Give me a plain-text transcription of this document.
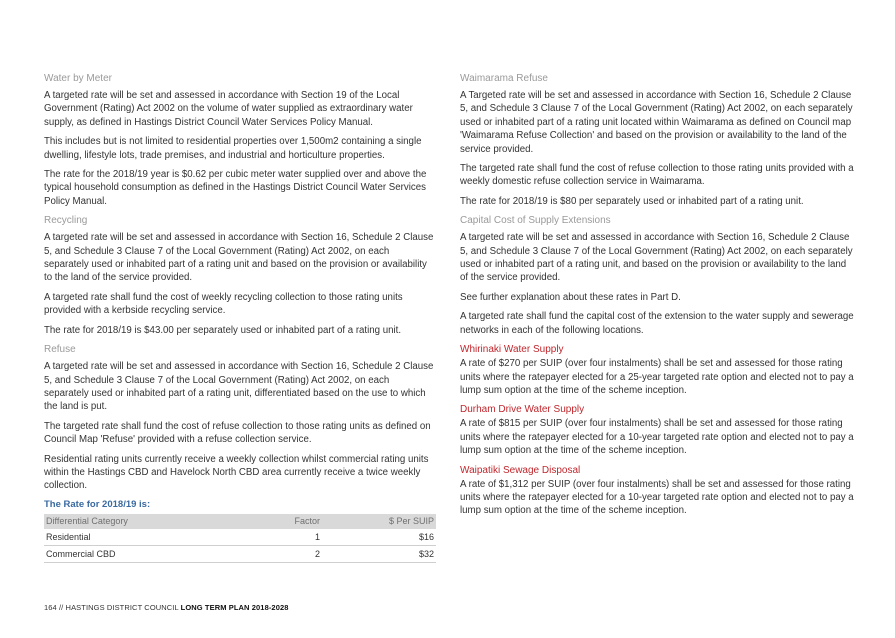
Water by Meter

A targeted rate will be set and assessed in accordance with Section 19 of the Local Government (Rating) Act 2002 on the volume of water supplied as extraordinary water supply, as defined in Hastings District Council Water Services Policy Manual.

This includes but is not limited to residential properties over 1,500m2 containing a single dwelling, lifestyle lots, trade premises, and industrial and horticulture properties.

The rate for the 2018/19 year is $0.62 per cubic meter water supplied over and above the typical household consumption as defined in the Hastings District Council Water Services Policy Manual.

Recycling

A targeted rate will be set and assessed in accordance with Section 16, Schedule 2 Clause 5, and Schedule 3 Clause 7 of the Local Government (Rating) Act 2002, on each separately used or inhabited part of a rating unit and based on the provision or availability to the land of the service provided.

A targeted rate shall fund the cost of weekly recycling collection to those rating units provided with a kerbside recycling service.

The rate for 2018/19 is $43.00 per separately used or inhabited part of a rating unit.

Refuse

A targeted rate will be set and assessed in accordance with Section 16, Schedule 2 Clause 5, and Schedule 3 Clause 7 of the Local Government (Rating) Act 2002, on each separately used or inhabited part of a rating unit, differentiated based on the use to which the land is put.

The targeted rate shall fund the cost of refuse collection to those rating units as defined on Council Map 'Refuse' provided with a refuse collection service.

Residential rating units currently receive a weekly collection whilst commercial rating units within the Hastings CBD and Havelock North CBD area currently receive a twice weekly collection.

The Rate for 2018/19 is:
Differential Category	Factor	$ Per SUIP
Residential	1	$16
Commercial CBD	2	$32
Waimarama Refuse

A Targeted rate will be set and assessed in accordance with Section 16, Schedule 2 Clause 5, and Schedule 3 Clause 7 of the Local Government (Rating) Act 2002, on each separately used or inhabited part of a rating unit located within Waimarama as defined on Council map 'Waimarama Refuse Collection' and based on the provision or availability to the land of the service provided.

The targeted rate shall fund the cost of refuse collection to those rating units provided with a weekly domestic refuse collection service in Waimarama.

The rate for 2018/19 is $80 per separately used or inhabited part of a rating unit.

Capital Cost of Supply Extensions

A targeted rate will be set and assessed in accordance with Section 16, Schedule 2 Clause 5, and Schedule 3 Clause 7 of the Local Government (Rating) Act 2002, on each separately used or inhabited part of a rating unit, and based on the provision or availability to the land of the service provided.

See further explanation about these rates in Part D.

A targeted rate shall fund the capital cost of the extension to the water supply and sewerage networks in each of the following locations.

Whirinaki Water Supply

A rate of $270 per SUIP (over four instalments) shall be set and assessed for those rating units where the ratepayer elected for a 25-year targeted rate option and elected not to pay a lump sum option at the time of the scheme inception.

Durham Drive Water Supply

A rate of $815 per SUIP (over four instalments) shall be set and assessed for those rating units where the ratepayer elected for a 10-year targeted rate option and elected not to pay a lump sum option at the time of the scheme inception.

Waipatiki Sewage Disposal

A rate of $1,312 per SUIP (over four instalments) shall be set and assessed for those rating units where the ratepayer elected for a 10-year targeted rate option and elected not to pay a lump sum option at the time of the scheme inception.

164 // HASTINGS DISTRICT COUNCIL LONG TERM PLAN 2018-2028
